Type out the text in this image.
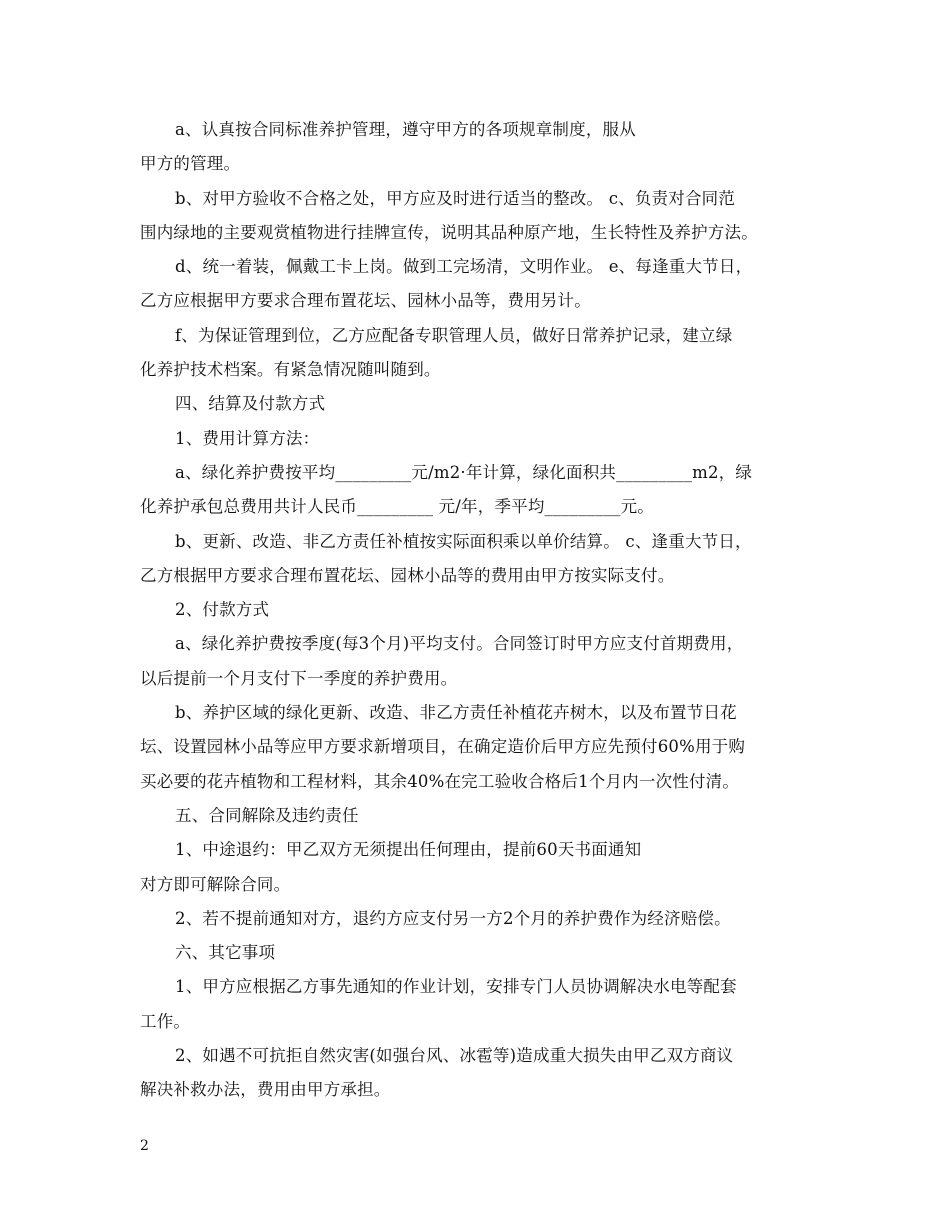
a、认真按合同标准养护管理，遵守甲方的各项规章制度，服从
甲方的管理。
b、对甲方验收不合格之处，甲方应及时进行适当的整改。 c、负责对合同范
围内绿地的主要观赏植物进行挂牌宣传，说明其品种原产地，生长特性及养护方法。
d、统一着装，佩戴工卡上岗。做到工完场清，文明作业。 e、每逢重大节日，
乙方应根据甲方要求合理布置花坛、园林小品等，费用另计。
f、为保证管理到位，乙方应配备专职管理人员，做好日常养护记录，建立绿
化养护技术档案。有紧急情况随叫随到。
四、结算及付款方式
1、费用计算方法：
a、绿化养护费按平均_________元/m2·年计算，绿化面积共_________m2，绿
化养护承包总费用共计人民币_________ 元/年，季平均_________元。
b、更新、改造、非乙方责任补植按实际面积乘以单价结算。 c、逢重大节日，
乙方根据甲方要求合理布置花坛、园林小品等的费用由甲方按实际支付。
2、付款方式
a、绿化养护费按季度(每3个月)平均支付。合同签订时甲方应支付首期费用，
以后提前一个月支付下一季度的养护费用。
b、养护区域的绿化更新、改造、非乙方责任补植花卉树木，以及布置节日花
坛、设置园林小品等应甲方要求新增项目，在确定造价后甲方应先预付60%用于购
买必要的花卉植物和工程材料，其余40%在完工验收合格后1个月内一次性付清。
五、合同解除及违约责任
1、中途退约：甲乙双方无须提出任何理由，提前60天书面通知
对方即可解除合同。
2、若不提前通知对方，退约方应支付另一方2个月的养护费作为经济赔偿。
六、其它事项
1、甲方应根据乙方事先通知的作业计划，安排专门人员协调解决水电等配套
工作。
2、如遇不可抗拒自然灾害(如强台风、冰雹等)造成重大损失由甲乙双方商议
解决补救办法，费用由甲方承担。
2
